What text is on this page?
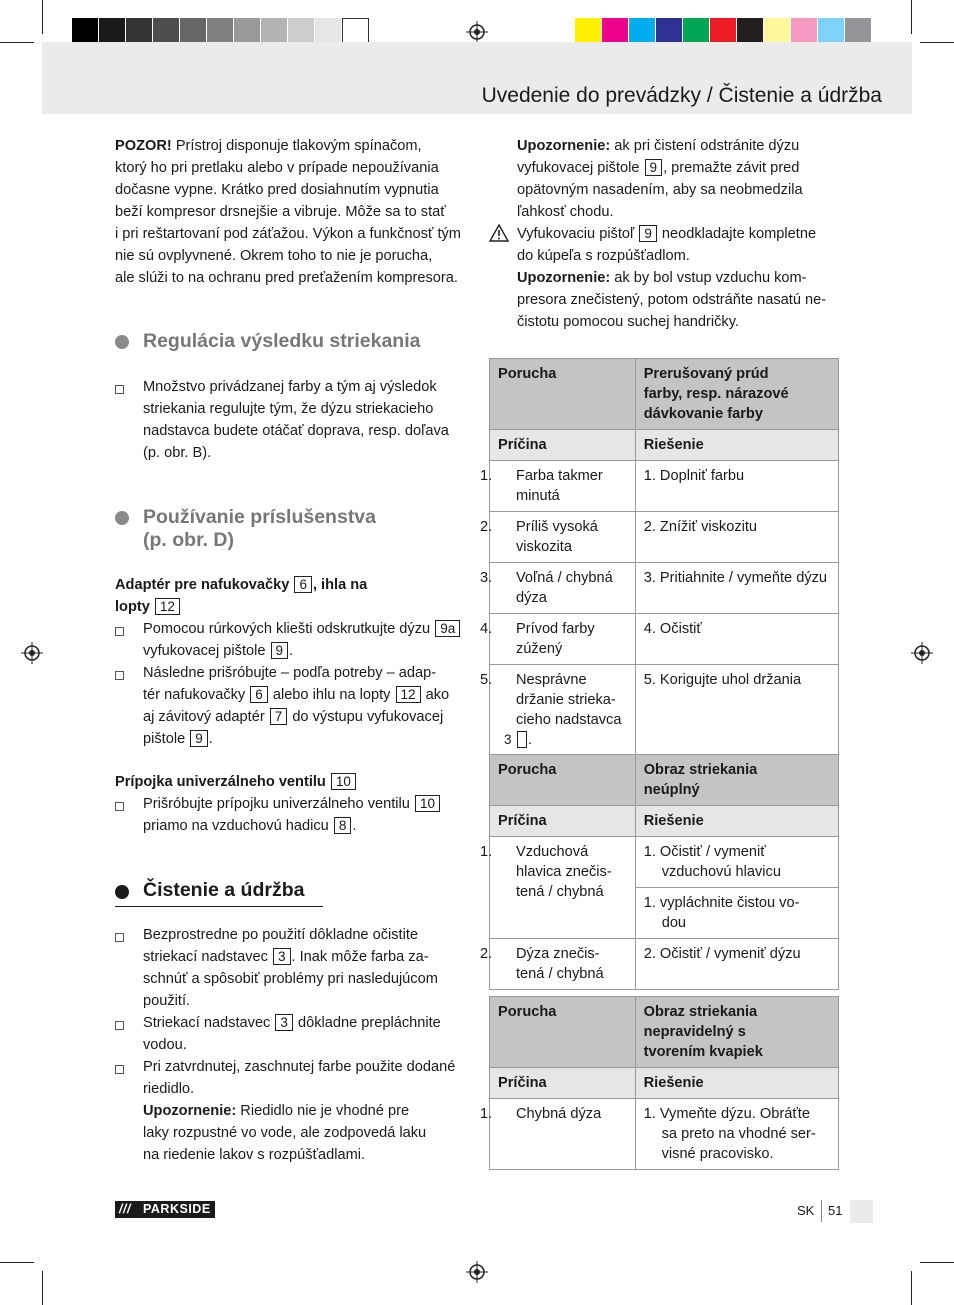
Uvedenie do prevádzky / Čistenie a údržba

POZOR! Prístroj disponuje tlakovým spínačom,

ktorý ho pri pretlaku alebo v prípade nepoužívania

dočasne vypne. Krátko pred dosiahnutím vypnutia

beží kompresor drsnejšie a vibruje. Môže sa to stať

i pri reštartovaní pod záťažou. Výkon a funkčnosť tým

nie sú ovplyvnené. Okrem toho to nie je porucha,

ale slúži to na ochranu pred preťažením kompresora.

Regulácia výsledku striekania

Množstvo privádzanej farby a tým aj výsledok

striekania regulujte tým, že dýzu striekacieho

nadstavca budete otáčať doprava, resp. doľava

(p. obr. B).

Používanie príslušenstva

(p. obr. D)

Adaptér pre nafukovačky 6 , ihla na

lopty 12

Pomocou rúrkových kliešti odskrutkujte dýzu 9a

vyfukovacej pištole 9 .

Následne prišróbujte – podľa potreby – adap-

tér nafukovačky 6 alebo ihlu na lopty 12 ako

aj závitový adaptér 7 do výstupu vyfukovacej

pištole 9 .

Prípojka univerzálneho ventilu 10

Prišróbujte prípojku univerzálneho ventilu 10

priamo na vzduchovú hadicu 8 .

Čistenie a údržba

Bezprostredne po použití dôkladne očistite

striekací nadstavec 3 . Inak môže farba za-

schnúť a spôsobiť problémy pri nasledujúcom

použití.

Striekací nadstavec 3 dôkladne prepláchnite

vodou.

Pri zatvrdnutej, zaschnutej farbe použite dodané

riedidlo.

Upozornenie: Riedidlo nie je vhodné pre

laky rozpustné vo vode, ale zodpovedá laku

na riedenie lakov s rozpúšťadlami.

Upozornenie: ak pri čistení odstránite dýzu

vyfukovacej pištole 9 , premažte závit pred

opätovným nasadením, aby sa neobmedzila

ľahkosť chodu.

Vyfukovaciu pištoľ 9 neodkladajte kompletne

do kúpeľa s rozpúšťadlom.

Upozornenie: ak by bol vstup vzduchu kom-

presora znečistený, potom odstráňte nasatú ne-

čistotu pomocou suchej handričky.

Porucha	Prerušovaný prúd

farby, resp. nárazové

dávkovanie farby

Príčina	Riešenie

1. Farba takmer
minutá	1. Doplniť farbu

2. Príliš vysoká
viskozita	2. Znížiť viskozitu

3. Voľná / chybná
dýza	3. Pritiahnite / vymeňte dýzu

4. Prívod farby
zúžený	4. Očistiť

5. Nesprávne
držanie strieka-
cieho nadstavca
3 .	5. Korigujte uhol držania
Porucha	Obraz striekania

neúplný

Príčina	Riešenie

1. Vzduchová
hlavica znečis-
tená / chybná	1. Očistiť / vymeniť
vzduchovú hlavicu

	1. vypláchnite čistou vo-
dou

2. Dýza znečis-
tená / chybná	2. Očistiť / vymeniť dýzu
Porucha	Obraz striekania

nepravidelný s

tvorením kvapiek

Príčina	Riešenie

1. Chybná dýza	1. Vymeňte dýzu. Obráťte
sa preto na vhodné ser-
visné pracovisko.
/// PARKSIDE	SK 51
